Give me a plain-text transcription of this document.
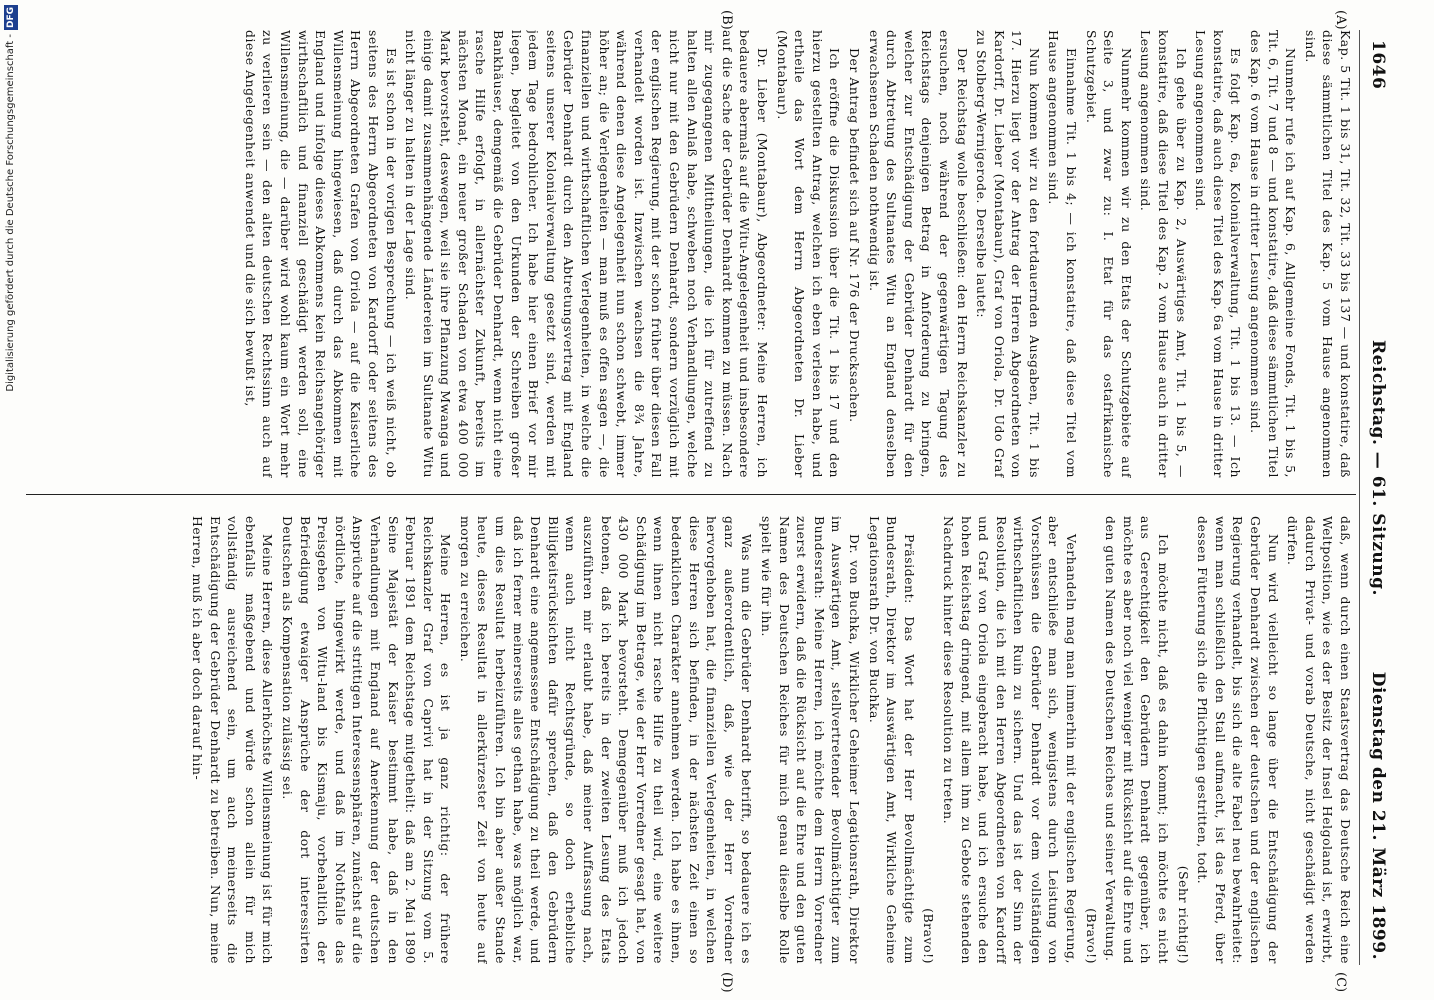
1646
Reichstag. — 61. Sitzung.
Dienstag den 21. März 1899.
(A)
(B)
(C)
(D)

Kap. 5 Tit. 1 bis 31, Tit. 32, Tit. 33 bis 137 — und konstatire, daß diese sämmtlichen Titel des Kap. 5 vom Hause angenommen sind.

Nunmehr rufe ich auf Kap. 6, Allgemeine Fonds, Tit. 1 bis 5, Tit. 6, Tit. 7 und 8 — und konstatire, daß diese sämmtlichen Titel des Kap. 6 vom Hause in dritter Lesung angenommen sind.

Es folgt Kap. 6a, Kolonialverwaltung, Tit. 1 bis 13. — Ich konstatire, daß auch diese Titel des Kap. 6a vom Hause in dritter Lesung angenommen sind.

Ich gehe über zu Kap. 2, Auswärtiges Amt, Tit. 1 bis 5, — konstatire, daß diese Titel des Kap. 2 vom Hause auch in dritter Lesung angenommen sind.

Nunmehr kommen wir zu den Etats der Schutzgebiete auf Seite 3, und zwar zu: I. Etat für das ostafrikanische Schutzgebiet.

Einnahme Tit. 1 bis 4; — ich konstatire, daß diese Titel vom Hause angenommen sind.

Nun kommen wir zu den fortdauernden Ausgaben, Tit. 1 bis 17. Hierzu liegt vor der Antrag der Herren Abgeordneten von Kardorff, Dr. Lieber (Montabaur), Graf von Oriola, Dr. Udo Graf zu Stolberg-Wernigerode. Derselbe lautet:

Der Reichstag wolle beschließen: den Herrn Reichskanzler zu ersuchen, noch während der gegenwärtigen Tagung des Reichstags denjenigen Betrag in Anforderung zu bringen, welcher zur Entschädigung der Gebrüder Denhardt für den durch Abtretung des Sultanates Witu an England denselben erwachsenen Schaden nothwendig ist.

Der Antrag befindet sich auf Nr. 176 der Drucksachen.

Ich eröffne die Diskussion über die Tit. 1 bis 17 und den hierzu gestellten Antrag, welchen ich eben verlesen habe, und ertheile das Wort dem Herrn Abgeordneten Dr. Lieber (Montabaur).

Dr. Lieber (Montabaur), Abgeordneter: Meine Herren, ich bedauere abermals auf die Witu-Angelegenheit und insbesondere auf die Sache der Gebrüder Denhardt kommen zu müssen. Nach mir zugegangenen Mittheilungen, die ich für zutreffend zu halten allen Anlaß habe, schweben noch Verhandlungen, welche nicht nur mit den Gebrüdern Denhardt, sondern vorzüglich mit der englischen Regierung, mit der schon früher über diesen Fall verhandelt worden ist. Inzwischen wachsen die 8¾ Jahre, während denen diese Angelegenheit nun schon schwebt, immer höher an; die Verlegenheiten — man muß es offen sagen —, die finanziellen und wirthschaftlichen Verlegenheiten, in welche die Gebrüder Denhardt durch den Abtretungsvertrag mit England seitens unserer Kolonialverwaltung gesetzt sind, werden mit jedem Tage bedrohlicher. Ich habe hier einen Brief vor mir liegen, begleitet von den Urkunden der Schreiben großer Bankhäuser, demgemäß die Gebrüder Denhardt, wenn nicht eine rasche Hilfe erfolgt, in allernächster Zukunft, bereits im nächsten Monat, ein neuer großer Schaden von etwa 400 000 Mark bevorsteht, deswegen, weil sie ihre Pflanzung Mwanga und einige damit zusammenhängende Ländereien im Sultanate Witu nicht länger zu halten in der Lage sind.

Es ist schon in der vorigen Besprechung — ich weiß nicht, ob seitens des Herrn Abgeordneten von Kardorff oder seitens des Herrn Abgeordneten Grafen von Oriola — auf die Kaiserliche Willensmeinung hingewiesen, daß durch das Abkommen mit England und infolge dieses Abkommens kein Reichsangehöriger wirthschaftlich und finanziell geschädigt werden soll, eine Willensmeinung, die — darüber wird wohl kaum ein Wort mehr zu verlieren sein — den alten deutschen Rechtssinn auch auf diese Angelegenheit anwendet und die sich bewußt ist,

daß, wenn durch einen Staatsvertrag das Deutsche Reich eine Weltposition, wie es der Besitz der Insel Helgoland ist, erwirbt, dadurch Privat- und vorab Deutsche, nicht geschädigt werden dürfen.

Nun wird vielleicht so lange über die Entschädigung der Gebrüder Denhardt zwischen der deutschen und der englischen Regierung verhandelt, bis sich die alte Fabel neu bewahrheitet: wenn man schließlich den Stall aufmacht, ist das Pferd, über dessen Fütterung sich die Pflichtigen gestritten, todt.

(Sehr richtig!)

Ich möchte nicht, daß es dahin kommt; ich möchte es nicht aus Gerechtigkeit den Gebrüdern Denhardt gegenüber, ich möchte es aber noch viel weniger mit Rücksicht auf die Ehre und den guten Namen des Deutschen Reiches und seiner Verwaltung.

(Bravo!)

Verhandeln mag man immerhin mit der englischen Regierung, aber entschließe man sich, wenigstens durch Leistung von Vorschüssen die Gebrüder Denhardt vor dem vollständigen wirthschaftlichen Ruin zu sichern. Und das ist der Sinn der Resolution, die ich mit den Herren Abgeordneten von Kardorff und Graf von Oriola eingebracht habe, und ich ersuche den hohen Reichstag dringend, mit allem ihm zu Gebote stehenden Nachdruck hinter diese Resolution zu treten.

(Bravo!)

Präsident: Das Wort hat der Herr Bevollmächtigte zum Bundesrath, Direktor im Auswärtigen Amt, Wirkliche Geheime Legationsrath Dr. von Buchka.

Dr. von Buchka, Wirklicher Geheimer Legationsrath, Direktor im Auswärtigen Amt, stellvertretender Bevollmächtigter zum Bundesrath: Meine Herren, ich möchte dem Herrn Vorredner zuerst erwidern, daß die Rücksicht auf die Ehre und den guten Namen des Deutschen Reiches für mich genau dieselbe Rolle spielt wie für ihn.

Was nun die Gebrüder Denhardt betrifft, so bedauere ich es ganz außerordentlich, daß, wie der Herr Vorredner hervorgehoben hat, die finanziellen Verlegenheiten, in welchen diese Herren sich befinden, in der nächsten Zeit einen so bedenklichen Charakter annehmen werden. Ich habe es ihnen, wenn ihnen nicht rasche Hilfe zu theil wird, eine weitere Schädigung im Betrage, wie der Herr Vorredner gesagt hat, von 430 000 Mark bevorsteht. Demgegenüber muß ich jedoch betonen, daß ich bereits in der zweiten Lesung des Etats auszuführen mir erlaubt habe, daß meiner Auffassung nach, wenn auch nicht Rechtsgründe, so doch erhebliche Billigkeitsrücksichten dafür sprechen, daß den Gebrüdern Denhardt eine angemessene Entschädigung zu theil werde, und daß ich ferner meinerseits alles gethan habe, was möglich war, um dies Resultat herbeizuführen. Ich bin aber außer Stande heute, dieses Resultat in allerkürzester Zeit von heute auf morgen zu erreichen.

Meine Herren, es ist ja ganz richtig: der frühere Reichskanzler Graf von Caprivi hat in der Sitzung vom 5. Februar 1891 dem Reichstage mitgetheilt: daß am 2. Mai 1890 Seine Majestät der Kaiser bestimmt habe, daß in den Verhandlungen mit England auf Anerkennung der deutschen Ansprüche auf die strittigen Interessensphären, zunächst auf die nördliche, hingewirkt werde, und daß im Nothfalle das Preisgeben von Witu-land bis Kismaju, vorbehaltlich der Befriedigung etwaiger Ansprüche der dort interessirten Deutschen als Kompensation zulässig sei.

Meine Herren, diese Allerhöchste Willensmeinung ist für mich ebenfalls maßgebend und würde schon allein für mich vollständig ausreichend sein, um auch meinerseits die Entschädigung der Gebrüder Denhardt zu betreiben. Nun, meine Herren, muß ich aber doch darauf hin-

Digitalisierung gefördert durch die Deutsche Forschungsgemeinschaft -DFG
